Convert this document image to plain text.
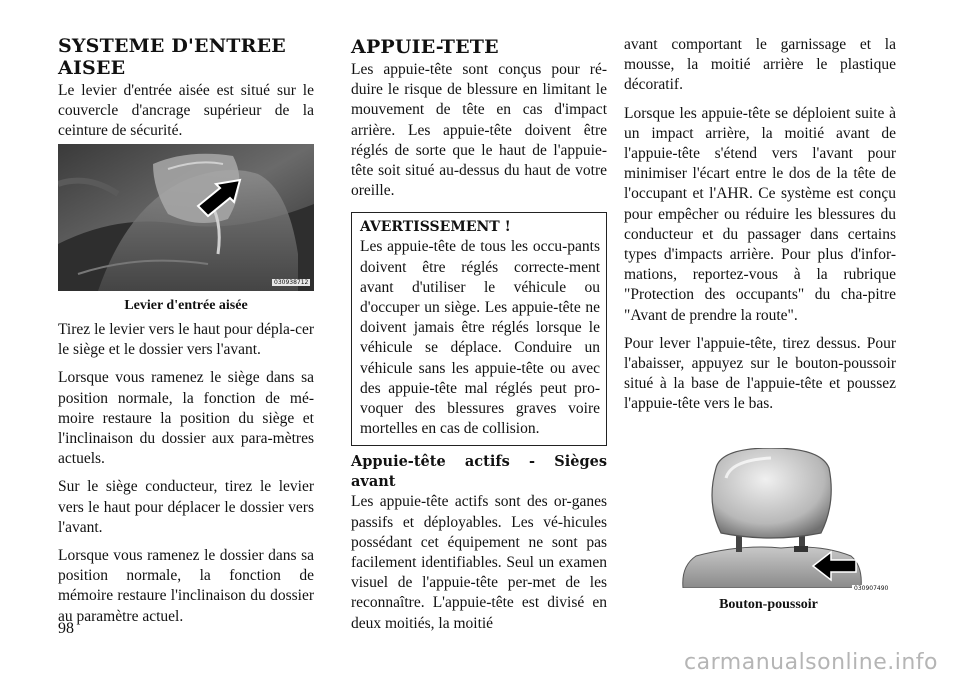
SYSTEME D'ENTREE
AISEE

Le levier d'entrée aisée est situé sur le couvercle d'ancrage supérieur de la ceinture de sécurité.

030938712

Levier d'entrée aisée

Tirez le levier vers le haut pour dépla-cer le siège et le dossier vers l'avant.

Lorsque vous ramenez le siège dans sa position normale, la fonction de mé-moire restaure la position du siège et l'inclinaison du dossier aux para-mètres actuels.

Sur le siège conducteur, tirez le levier vers le haut pour déplacer le dossier vers l'avant.

Lorsque vous ramenez le dossier dans sa position normale, la fonction de mémoire restaure l'inclinaison du dossier au paramètre actuel.

APPUIE-TETE

Les appuie-tête sont conçus pour ré-duire le risque de blessure en limitant le mouvement de tête en cas d'impact arrière. Les appuie-tête doivent être réglés de sorte que le haut de l'appuie-tête soit situé au-dessus du haut de votre oreille.

AVERTISSEMENT !

Les appuie-tête de tous les occu-pants doivent être réglés correcte-ment avant d'utiliser le véhicule ou d'occuper un siège. Les appuie-tête ne doivent jamais être réglés lorsque le véhicule se déplace. Conduire un véhicule sans les appuie-tête ou avec des appuie-tête mal réglés peut pro-voquer des blessures graves voire mortelles en cas de collision.

Appuie-tête actifs - Sièges avant

Les appuie-tête actifs sont des or-ganes passifs et déployables. Les vé-hicules possédant cet équipement ne sont pas facilement identifiables. Seul un examen visuel de l'appuie-tête per-met de les reconnaître. L'appuie-tête est divisé en deux moitiés, la moitié

avant comportant le garnissage et la mousse, la moitié arrière le plastique décoratif.

Lorsque les appuie-tête se déploient suite à un impact arrière, la moitié avant de l'appuie-tête s'étend vers l'avant pour minimiser l'écart entre le dos de la tête de l'occupant et l'AHR. Ce système est conçu pour empêcher ou réduire les blessures du conducteur et du passager dans certains types d'impacts arrière. Pour plus d'infor-mations, reportez-vous à la rubrique "Protection des occupants" du cha-pitre "Avant de prendre la route".

Pour lever l'appuie-tête, tirez dessus. Pour l'abaisser, appuyez sur le bouton-poussoir situé à la base de l'appuie-tête et poussez l'appuie-tête vers le bas.

030907490

Bouton-poussoir

98
carmanualsonline.info
